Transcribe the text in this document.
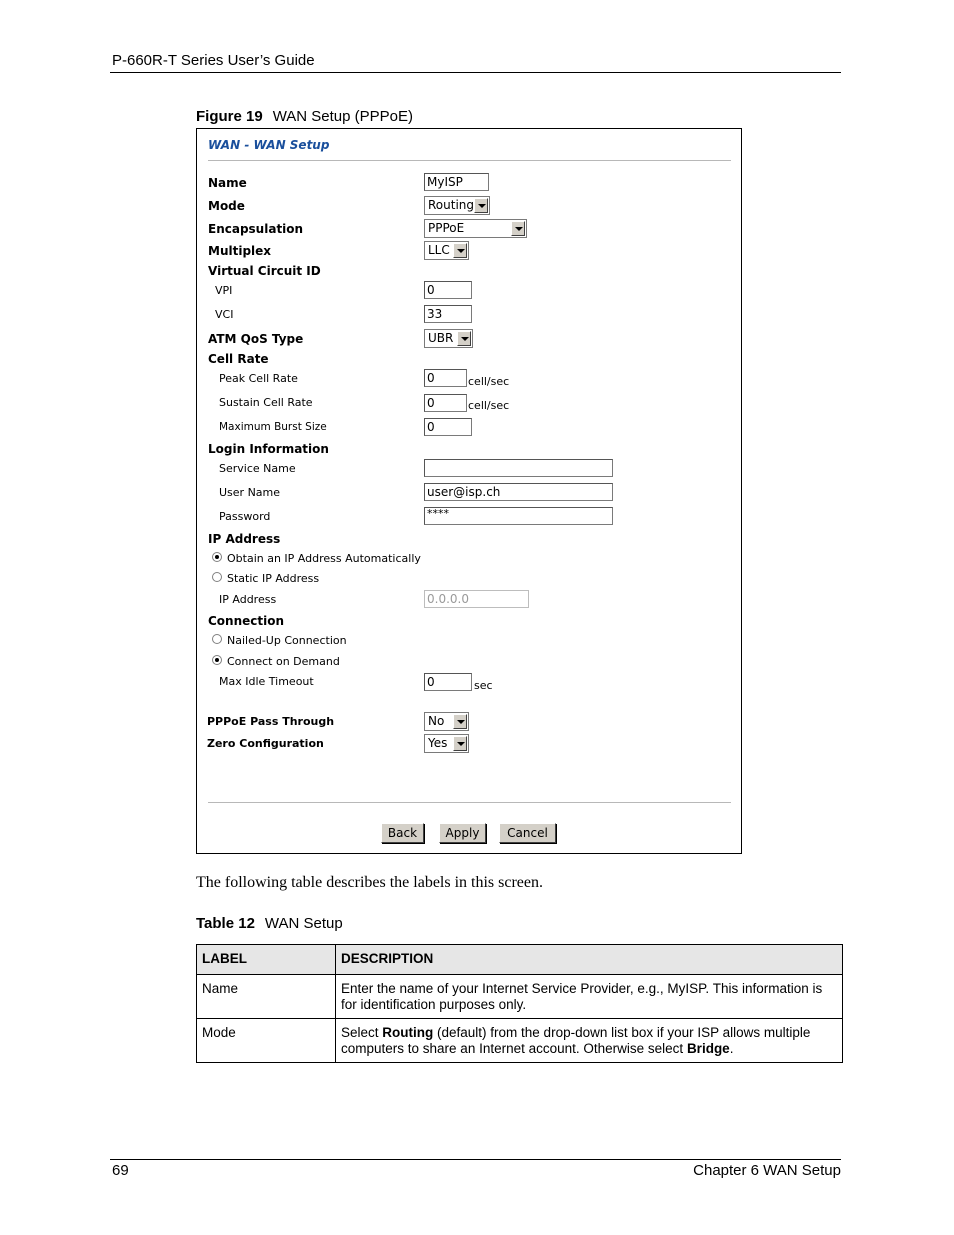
P-660R-T Series User’s Guide
Figure 19 WAN Setup (PPPoE)
WAN - WAN Setup
Name	MyISP
Mode	Routing
Encapsulation	PPPoE
Multiplex	LLC
Virtual Circuit ID
VPI	0
VCI	33
ATM QoS Type	UBR
Cell Rate
Peak Cell Rate	0	cell/sec
Sustain Cell Rate	0	cell/sec
Maximum Burst Size	0
Login Information
Service Name
User Name	user@isp.ch
Password	****
IP Address
Obtain an IP Address Automatically
Static IP Address
IP Address	0.0.0.0
Connection
Nailed-Up Connection
Connect on Demand
Max Idle Timeout	0	sec
PPPoE Pass Through	No
Zero Configuration	Yes
Back	Apply	Cancel
The following table describes the labels in this screen.
Table 12 WAN Setup
LABEL	DESCRIPTION
Name	Enter the name of your Internet Service Provider, e.g., MyISP. This information is for identification purposes only.
Mode	Select Routing (default) from the drop-down list box if your ISP allows multiple computers to share an Internet account. Otherwise select Bridge.
69	Chapter 6 WAN Setup
